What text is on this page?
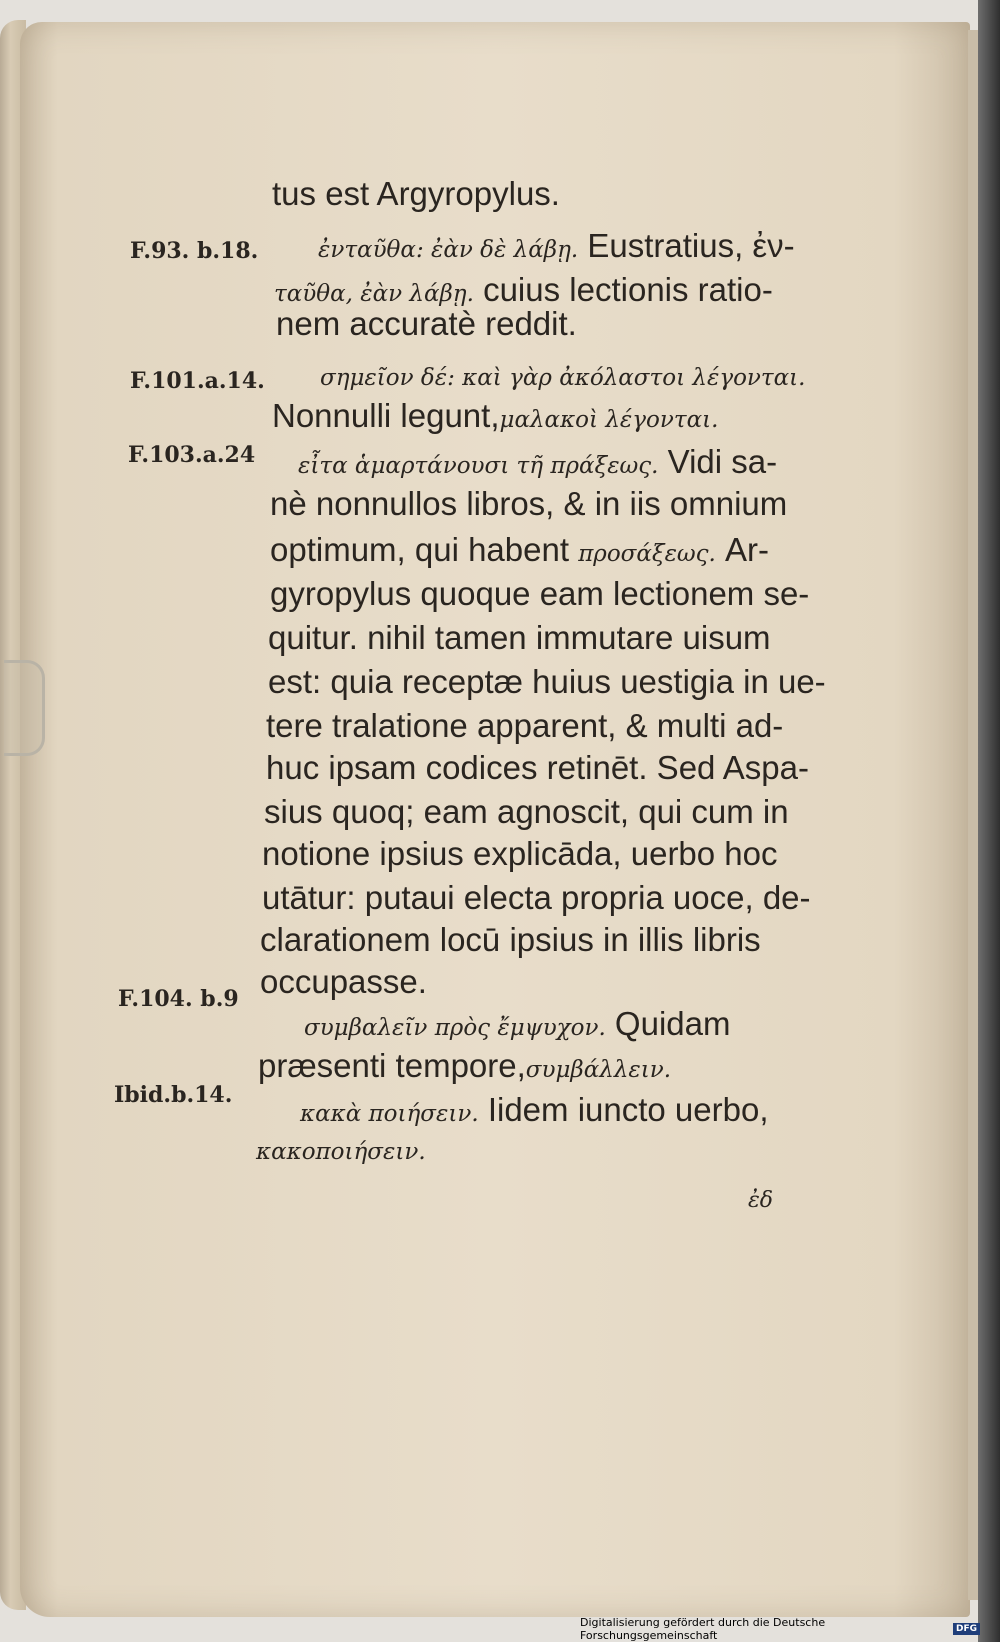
F.93. b.18.
F.101.a.14.
F.103.a.24
F.104. b.9
Ibid.b.14.
tus est Argyropylus.
ἐνταῦθα: ἐὰν δὲ λάβῃ. Eustratius, ἐν-
ταῦθα, ἐὰν λάβῃ. cuius lectionis ratio-
nem accuratè reddit.
σημεῖον δέ: καὶ γὰρ ἀκόλαστοι λέγονται.
Nonnulli legunt,μαλακοὶ λέγονται.
εἶτα ἁμαρτάνουσι τῆ πράξεως. Vidi sa-
nè nonnullos libros, & in iis omnium
optimum, qui habent προσάξεως. Ar-
gyropylus quoque eam lectionem se-
quitur. nihil tamen immutare uisum
est: quia receptæ huius uestigia in ue-
tere tralatione apparent, & multi ad-
huc ipsam codices retinēt. Sed Aspa-
sius quoq; eam agnoscit, qui cum in
notione ipsius explicāda, uerbo hoc
utātur: putaui electa propria uoce, de-
clarationem locū ipsius in illis libris
occupasse.
συμβαλεῖν πρὸς ἔμψυχον. Quidam
præsenti tempore,συμβάλλειν.
κακὰ ποιήσειν. Iidem iuncto uerbo,
κακοποιήσειν.
ἐδ
Digitalisierung gefördert durch die Deutsche Forschungsgemeinschaft	DFG
